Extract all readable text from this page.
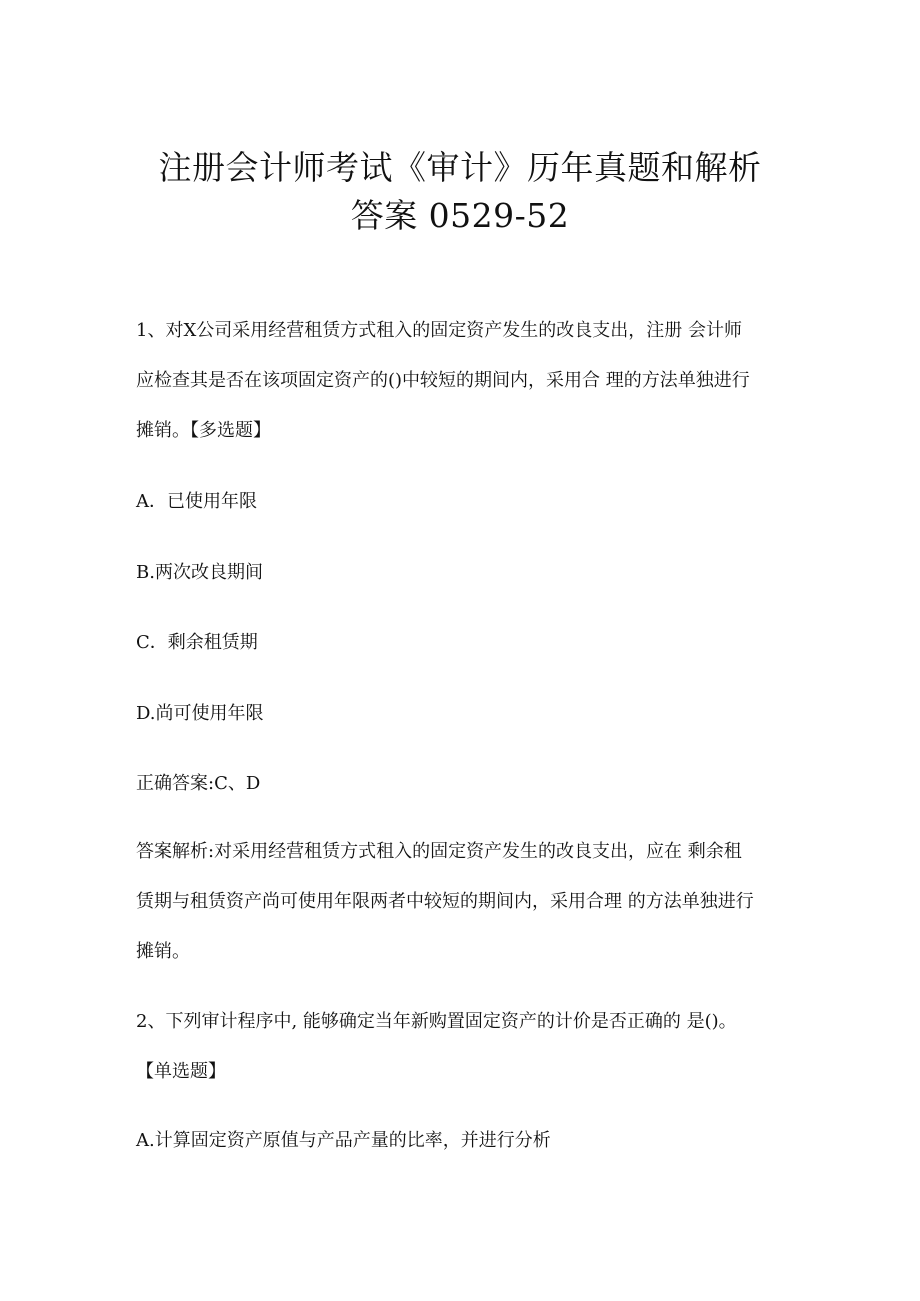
注册会计师考试《审计》历年真题和解析
答案 0529-52

1、对X公司采用经营租赁方式租入的固定资产发生的改良支出，注册 会计师
应检查其是否在该项固定资产的()中较短的期间内，采用合 理的方法单独进行
摊销。【多选题】

A．已使用年限

B.两次改良期间

C．剩余租赁期

D.尚可使用年限

正确答案:C、D

答案解析:对采用经营租赁方式租入的固定资产发生的改良支出，应在 剩余租
赁期与租赁资产尚可使用年限两者中较短的期间内，采用合理 的方法单独进行
摊销。

2、下列审计程序中, 能够确定当年新购置固定资产的计价是否正确的 是()。
【单选题】

A.计算固定资产原值与产品产量的比率，并进行分析
